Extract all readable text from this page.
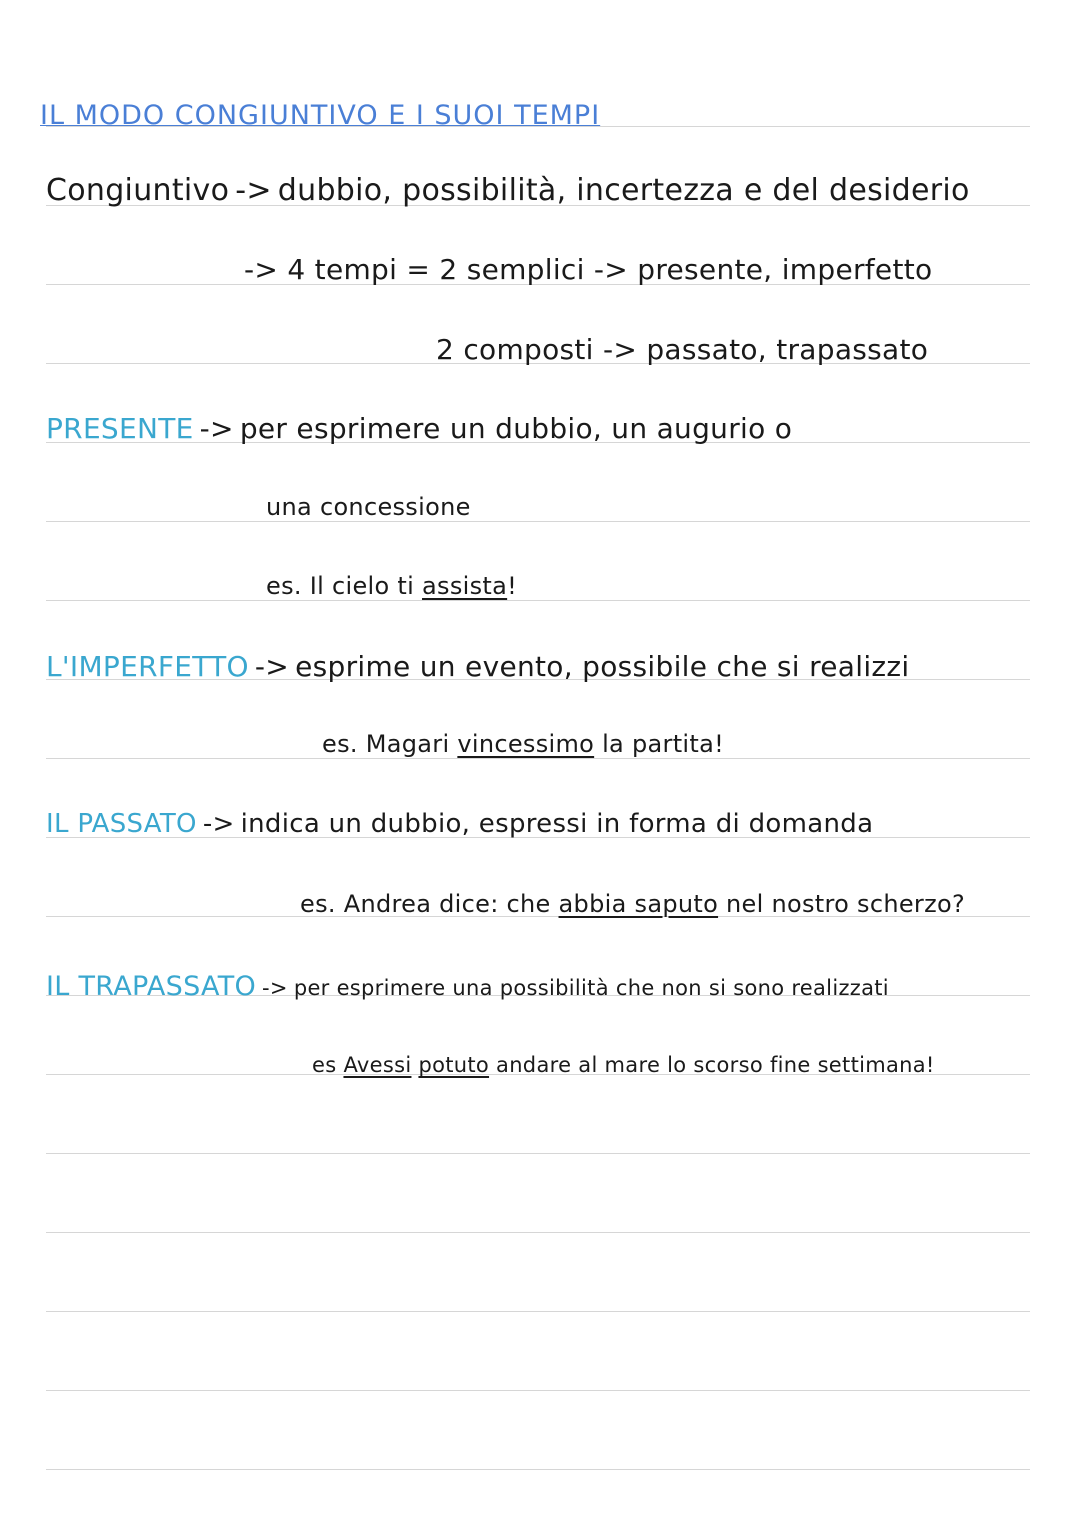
IL MODO CONGIUNTIVO E I SUOI TEMPI
Congiuntivo -> dubbio, possibilità, incertezza e del desiderio
-> 4 tempi = 2 semplici -> presente, imperfetto
2 composti -> passato, trapassato
PRESENTE -> per esprimere un dubbio, un augurio o
una concessione
es. Il cielo ti assista!
L'IMPERFETTO -> esprime un evento, possibile che si realizzi
es. Magari vincessimo la partita!
IL PASSATO -> indica un dubbio, espressi in forma di domanda
es. Andrea dice: che abbia saputo nel nostro scherzo?
IL TRAPASSATO -> per esprimere una possibilità che non si sono realizzati
es Avessi potuto andare al mare lo scorso fine settimana!
